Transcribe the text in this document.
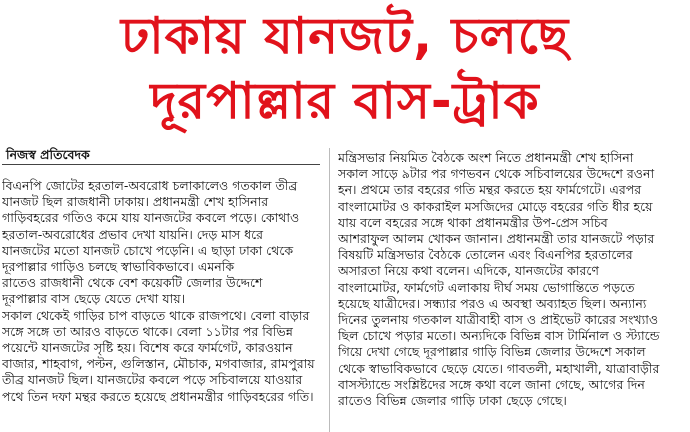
ঢাকায় যানজট, চলছে
দূরপাল্লার বাস-ট্রাক
নিজস্ব প্রতিবেদক
বিএনপি জোটের হরতাল-অবরোধ চলাকালেও গতকাল তীব্র
যানজট ছিল রাজধানী ঢাকায়। প্রধানমন্ত্রী শেখ হাসিনার
গাড়িবহরের গতিও কমে যায় যানজটের কবলে পড়ে। কোথাও
হরতাল-অবরোধের প্রভাব দেখা যায়নি। দেড় মাস ধরে
যানজটের মতো যানজট চোখে পড়েনি। এ ছাড়া ঢাকা থেকে
দূরপাল্লার গাড়িও চলছে স্বাভাবিকভাবে। এমনকি
রাতেও রাজধানী থেকে বেশ কয়েকটি জেলার উদ্দেশে
দূরপাল্লার বাস ছেড়ে যেতে দেখা যায়।
সকাল থেকেই গাড়ির চাপ বাড়তে থাকে রাজপথে। বেলা বাড়ার
সঙ্গে সঙ্গে তা আরও বাড়তে থাকে। বেলা ১১টার পর বিভিন্ন
পয়েন্টে যানজটের সৃষ্টি হয়। বিশেষ করে ফার্মগেট, কারওয়ান
বাজার, শাহবাগ, পল্টন, গুলিস্তান, মৌচাক, মগবাজার, রামপুরায়
তীব্র যানজট ছিল। যানজটের কবলে পড়ে সচিবালয়ে যাওয়ার
পথে তিন দফা মন্থর করতে হয়েছে প্রধানমন্ত্রীর গাড়িবহরের গতি।
মন্ত্রিসভার নিয়মিত বৈঠকে অংশ নিতে প্রধানমন্ত্রী শেখ হাসিনা
সকাল সাড়ে ৯টার পর গণভবন থেকে সচিবালয়ের উদ্দেশে রওনা
হন। প্রথমে তার বহরের গতি মন্থর করতে হয় ফার্মগেটে। এরপর
বাংলামোটর ও কাকরাইল মসজিদের মোড়ে বহরের গতি ধীর হয়ে
যায় বলে বহরের সঙ্গে থাকা প্রধানমন্ত্রীর উপ-প্রেস সচিব
আশরাফুল আলম খোকন জানান। প্রধানমন্ত্রী তার যানজটে পড়ার
বিষয়টি মন্ত্রিসভার বৈঠকে তোলেন এবং বিএনপির হরতালের
অসারতা নিয়ে কথা বলেন। এদিকে, যানজটের কারণে
বাংলামোটর, ফার্মগেট এলাকায় দীর্ঘ সময় ভোগান্তিতে পড়তে
হয়েছে যাত্রীদের। সন্ধ্যার পরও এ অবস্থা অব্যাহত ছিল। অন্যান্য
দিনের তুলনায় গতকাল যাত্রীবাহী বাস ও প্রাইভেট কারের সংখ্যাও
ছিল চোখে পড়ার মতো। অন্যদিকে বিভিন্ন বাস টার্মিনাল ও স্ট্যান্ডে
গিয়ে দেখা গেছে দূরপাল্লার গাড়ি বিভিন্ন জেলার উদ্দেশে সকাল
থেকে স্বাভাবিকভাবে ছেড়ে যেতে। গাবতলী, মহাখালী, যাত্রাবাড়ীর
বাসস্ট্যান্ডে সংশ্লিষ্টদের সঙ্গে কথা বলে জানা গেছে, আগের দিন
রাতেও বিভিন্ন জেলার গাড়ি ঢাকা ছেড়ে গেছে।
